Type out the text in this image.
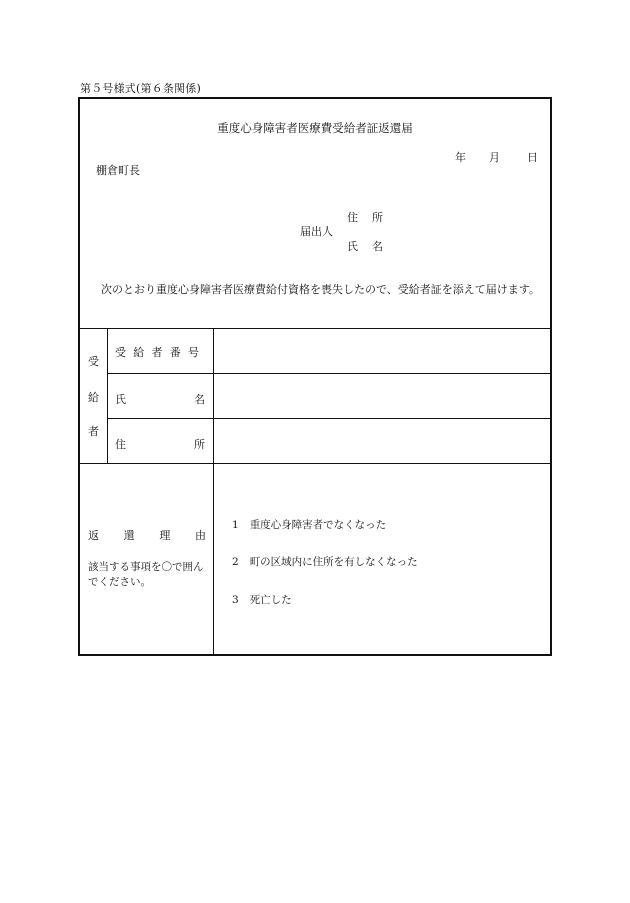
第５号様式(第６条関係)
重度心身障害者医療費受給者証返還届
年 月 日
棚倉町長
住 所
届出人
氏 名
次のとおり重度心身障害者医療費給付資格を喪失したので、受給者証を添えて届けます。
受
給
者
受 給 者 番 号
氏	名
住	所
返 還 理 由
該当する事項を〇で囲んでください。
1 重度心身障害者でなくなった
2 町の区域内に住所を有しなくなった
3 死亡した
